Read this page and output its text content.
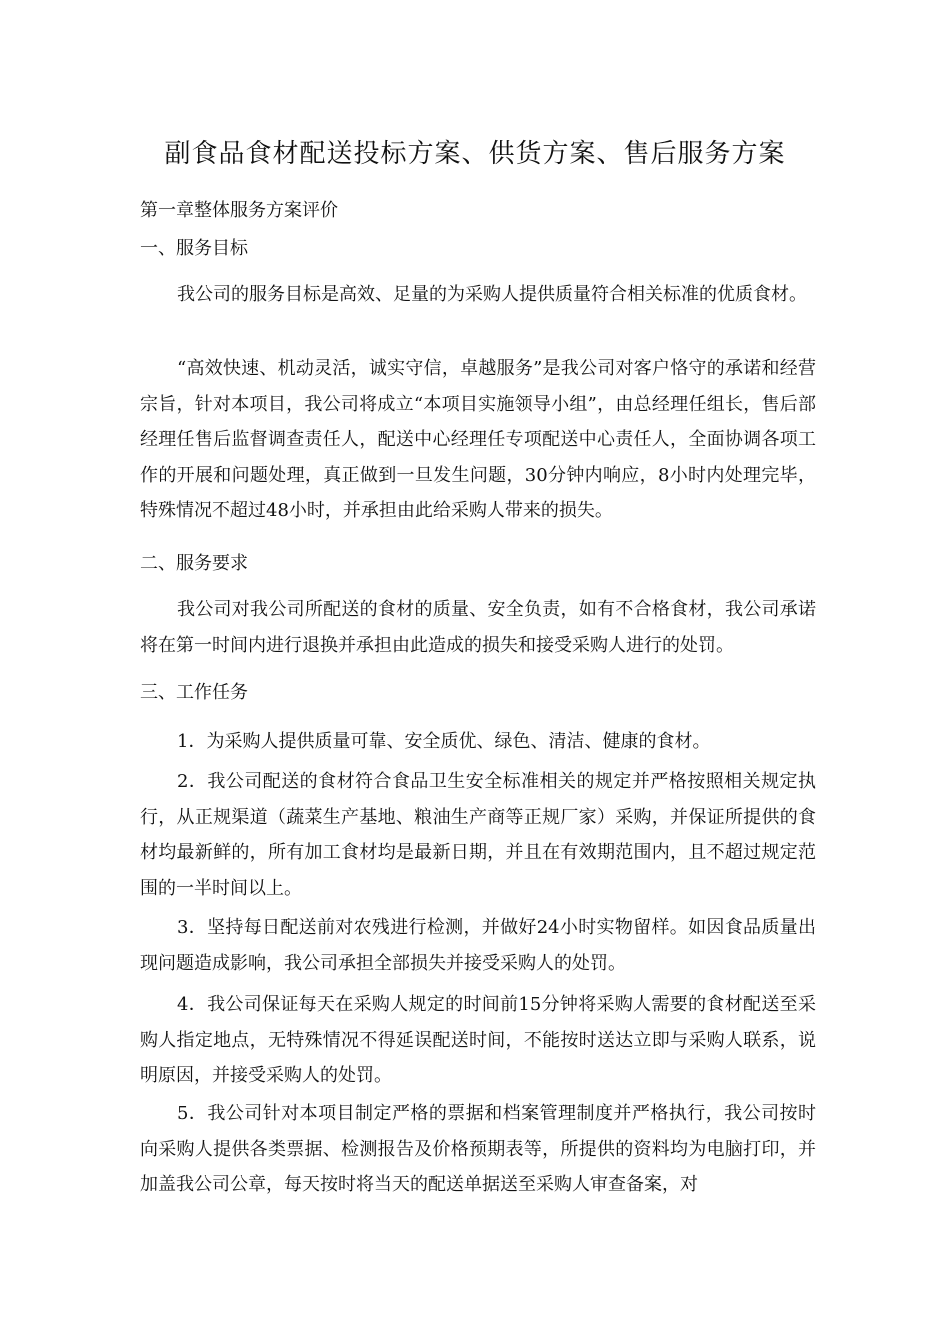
副食品食材配送投标方案、供货方案、售后服务方案
第一章整体服务方案评价
一、服务目标

我公司的服务目标是高效、足量的为采购人提供质量符合相关标准的优质食材。

“高效快速、机动灵活，诚实守信，卓越服务”是我公司对客户恪守的承诺和经营宗旨，针对本项目，我公司将成立“本项目实施领导小组”，由总经理任组长，售后部经理任售后监督调查责任人，配送中心经理任专项配送中心责任人，全面协调各项工作的开展和问题处理，真正做到一旦发生问题，30分钟内响应，8小时内处理完毕，特殊情况不超过48小时，并承担由此给采购人带来的损失。

二、服务要求

我公司对我公司所配送的食材的质量、安全负责，如有不合格食材，我公司承诺将在第一时间内进行退换并承担由此造成的损失和接受采购人进行的处罚。

三、工作任务

1．为采购人提供质量可靠、安全质优、绿色、清洁、健康的食材。

2．我公司配送的食材符合食品卫生安全标准相关的规定并严格按照相关规定执行，从正规渠道（蔬菜生产基地、粮油生产商等正规厂家）采购，并保证所提供的食材均最新鲜的，所有加工食材均是最新日期，并且在有效期范围内，且不超过规定范围的一半时间以上。

3．坚持每日配送前对农残进行检测，并做好24小时实物留样。如因食品质量出现问题造成影响，我公司承担全部损失并接受采购人的处罚。

4．我公司保证每天在采购人规定的时间前15分钟将采购人需要的食材配送至采购人指定地点，无特殊情况不得延误配送时间，不能按时送达立即与采购人联系，说明原因，并接受采购人的处罚。

5．我公司针对本项目制定严格的票据和档案管理制度并严格执行，我公司按时向采购人提供各类票据、检测报告及价格预期表等，所提供的资料均为电脑打印，并加盖我公司公章，每天按时将当天的配送单据送至采购人审查备案，对
